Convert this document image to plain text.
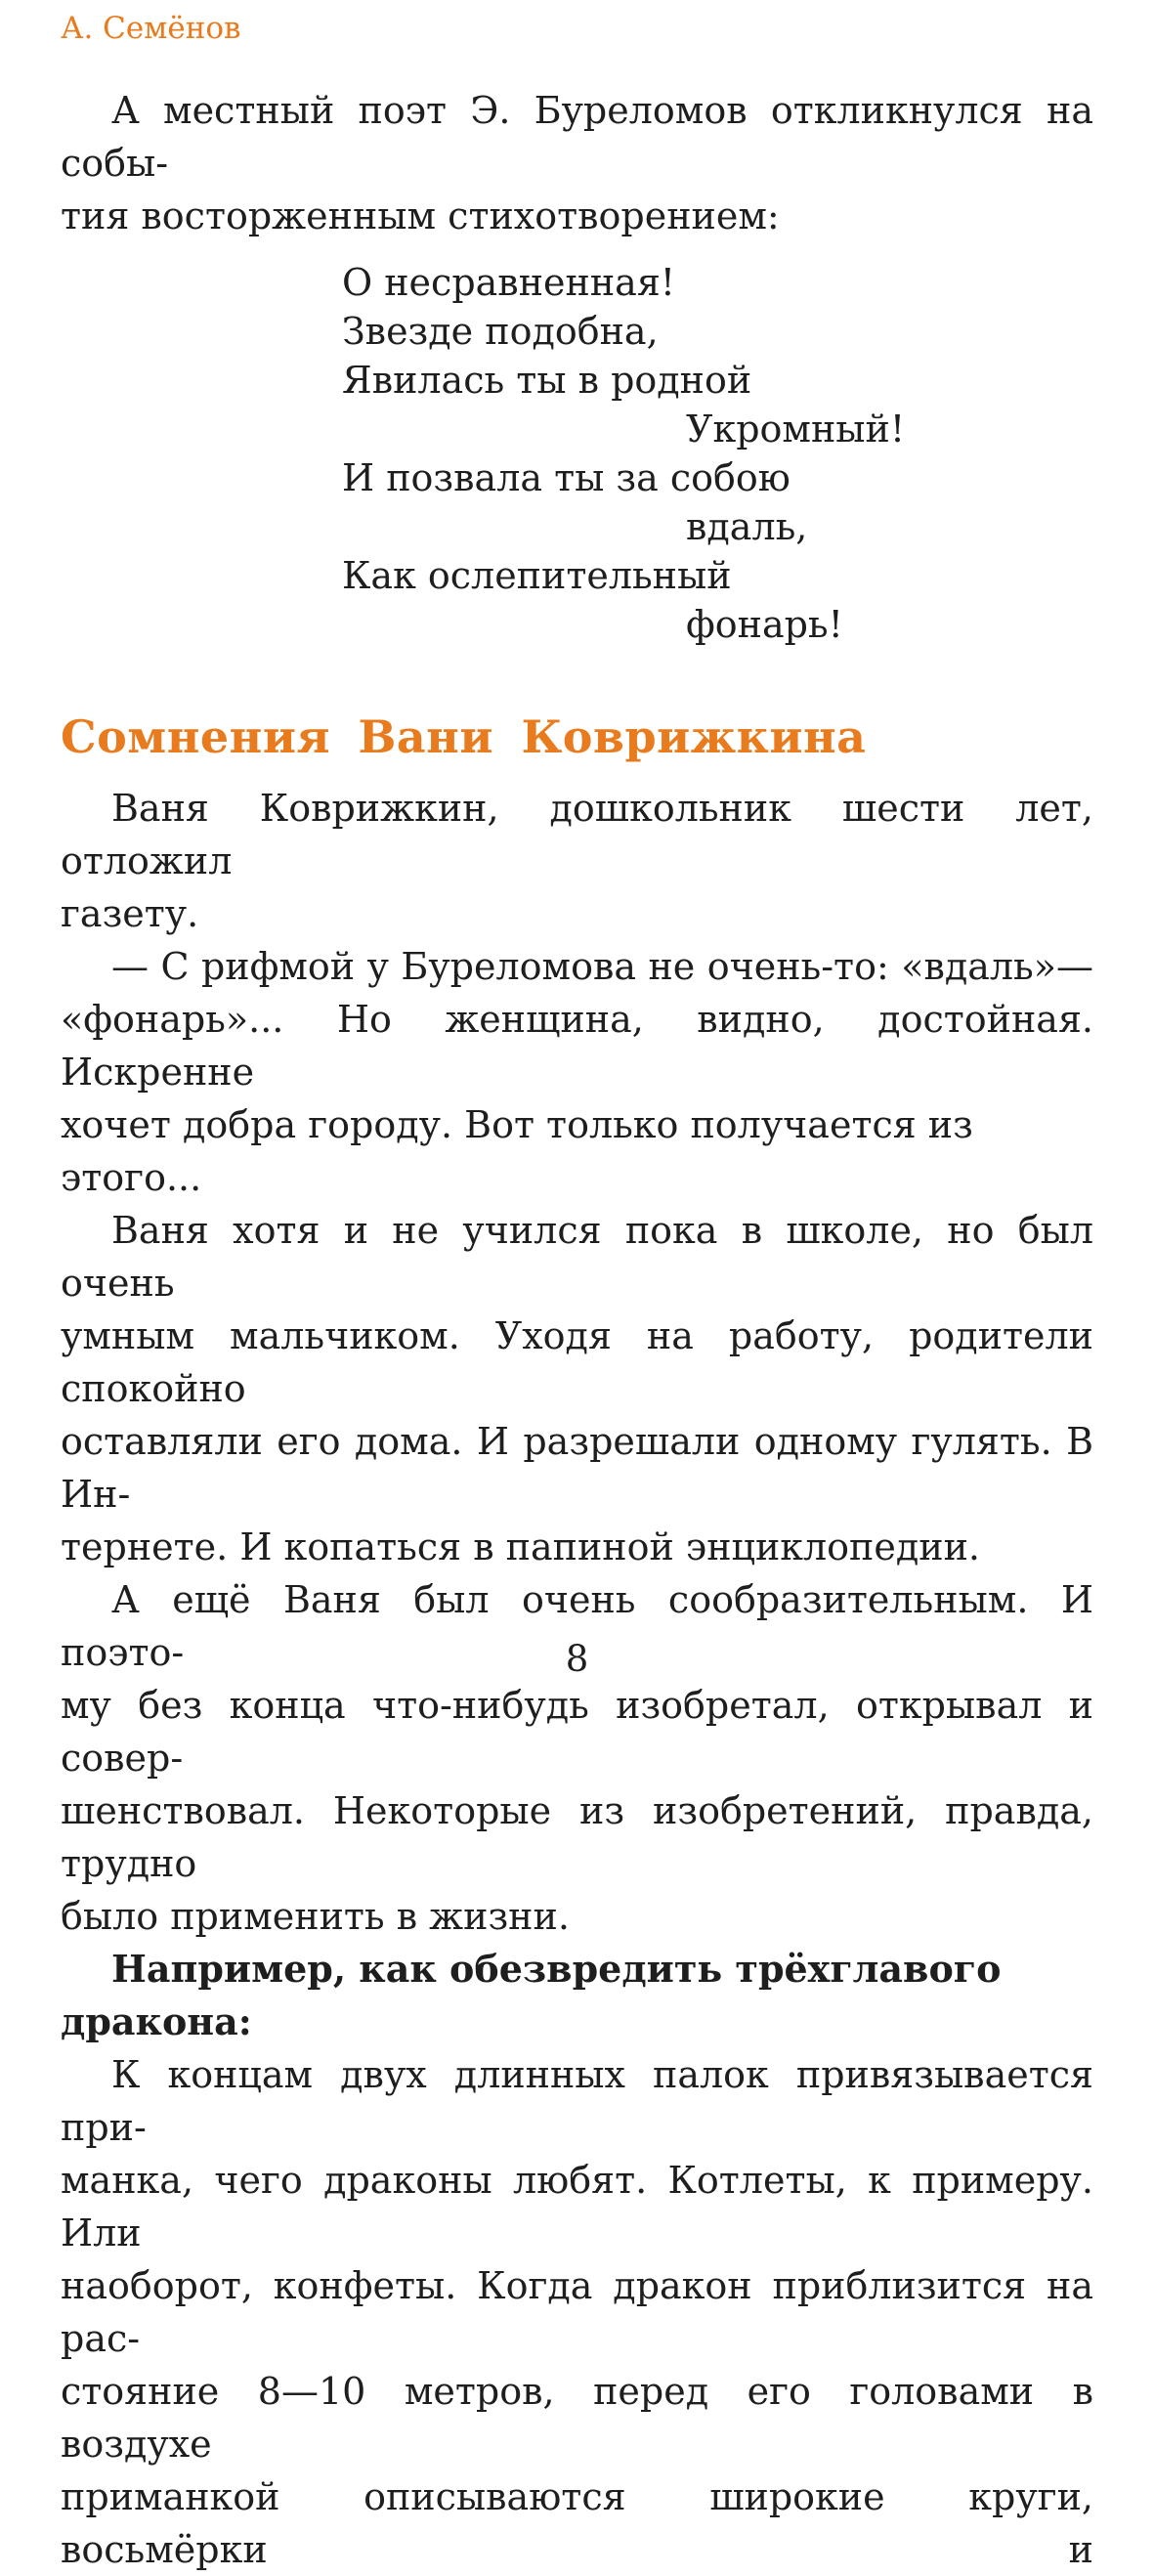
А. Семёнов
А местный поэт Э. Буреломов откликнулся на собы-
тия восторженным стихотворением:
О несравненная!
Звезде подобна,
Явилась ты в родной
Укромный!
И позвала ты за собою
вдаль,
Как ослепительный
фонарь!
Сомнения Вани Коврижкина
Ваня Коврижкин, дошкольник шести лет, отложил
газету.
— С рифмой у Буреломова не очень-то: «вдаль»—
«фонарь»... Но женщина, видно, достойная. Искренне
хочет добра городу. Вот только получается из этого...
Ваня хотя и не учился пока в школе, но был очень
умным мальчиком. Уходя на работу, родители спокойно
оставляли его дома. И разрешали одному гулять. В Ин-
тернете. И копаться в папиной энциклопедии.
А ещё Ваня был очень сообразительным. И поэто-
му без конца что-нибудь изобретал, открывал и совер-
шенствовал. Некоторые из изобретений, правда, трудно
было применить в жизни.
Например, как обезвредить трёхглавого дракона:
К концам двух длинных палок привязывается при-
манка, чего драконы любят. Котлеты, к примеру. Или
наоборот, конфеты. Когда дракон приблизится на рас-
стояние 8—10 метров, перед его головами в воздухе
приманкой описываются широкие круги, восьмёрки и
8
